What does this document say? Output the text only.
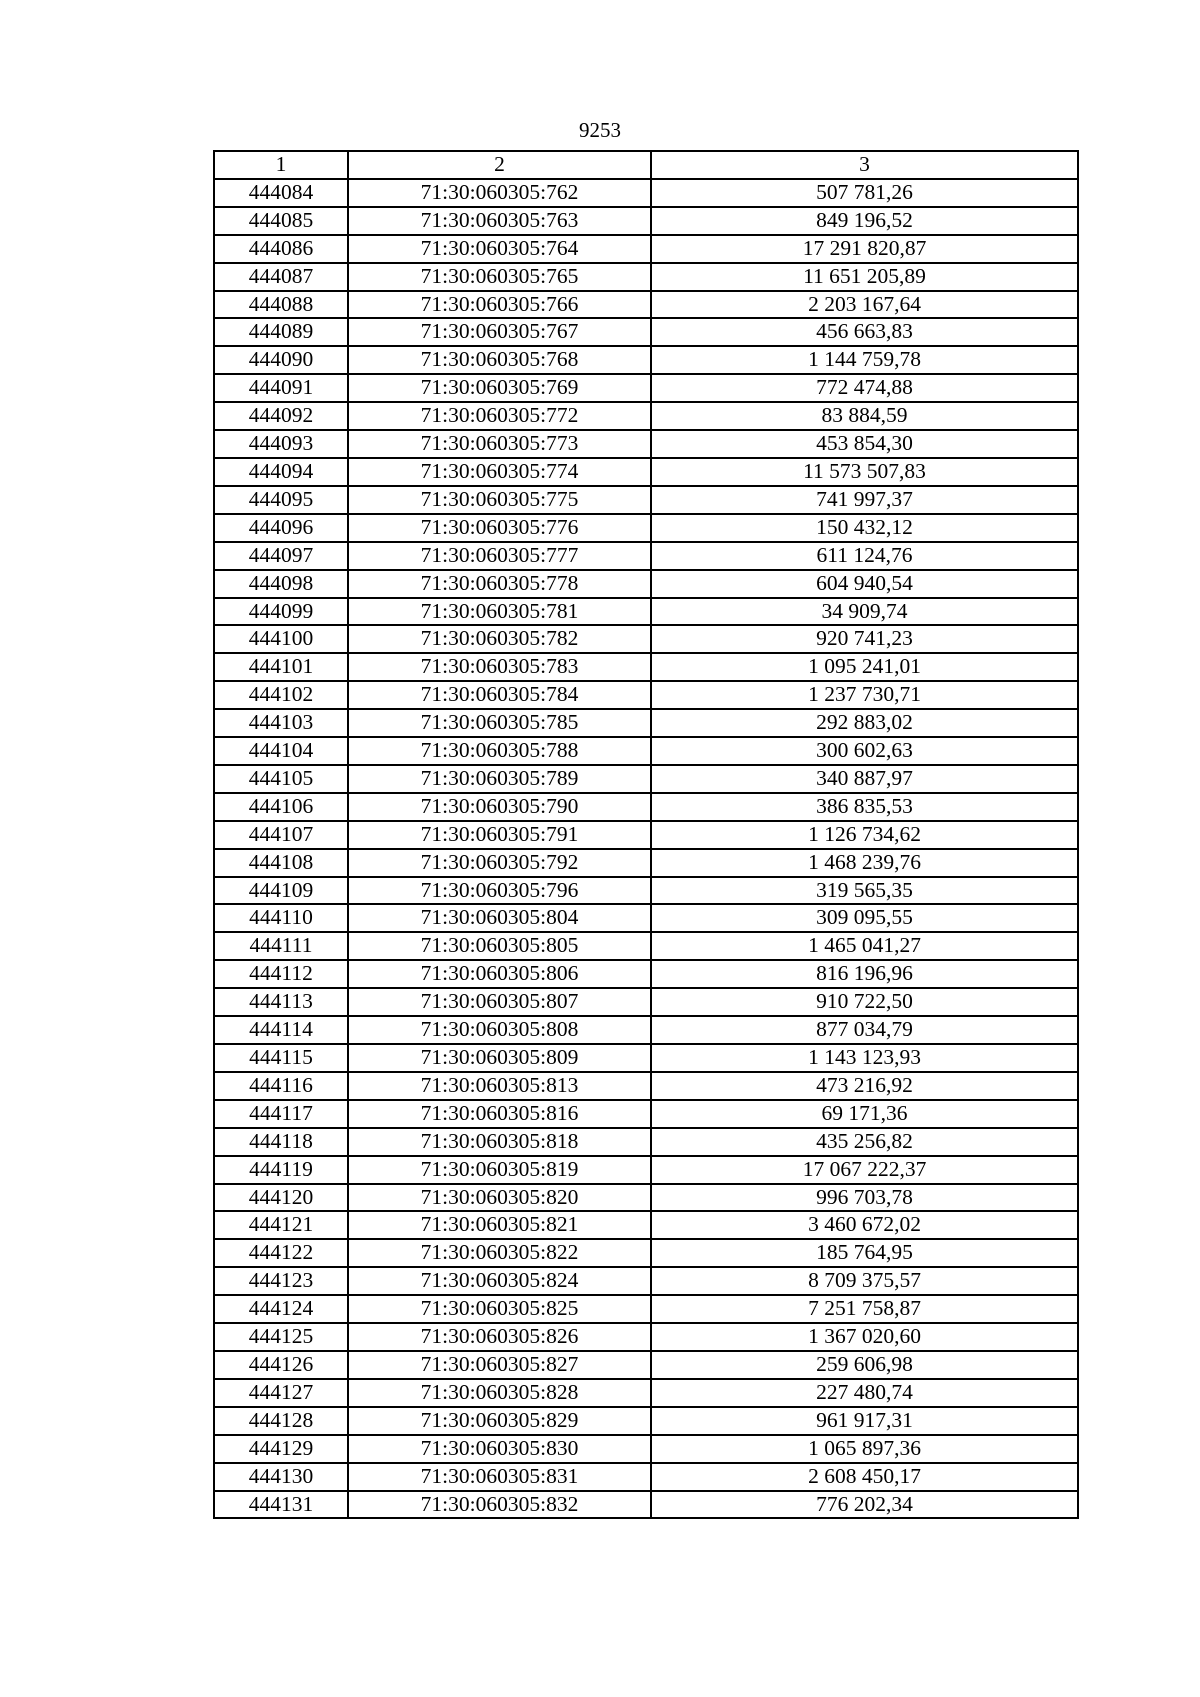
9253
1	2	3
444084	71:30:060305:762	507 781,26
444085	71:30:060305:763	849 196,52
444086	71:30:060305:764	17 291 820,87
444087	71:30:060305:765	11 651 205,89
444088	71:30:060305:766	2 203 167,64
444089	71:30:060305:767	456 663,83
444090	71:30:060305:768	1 144 759,78
444091	71:30:060305:769	772 474,88
444092	71:30:060305:772	83 884,59
444093	71:30:060305:773	453 854,30
444094	71:30:060305:774	11 573 507,83
444095	71:30:060305:775	741 997,37
444096	71:30:060305:776	150 432,12
444097	71:30:060305:777	611 124,76
444098	71:30:060305:778	604 940,54
444099	71:30:060305:781	34 909,74
444100	71:30:060305:782	920 741,23
444101	71:30:060305:783	1 095 241,01
444102	71:30:060305:784	1 237 730,71
444103	71:30:060305:785	292 883,02
444104	71:30:060305:788	300 602,63
444105	71:30:060305:789	340 887,97
444106	71:30:060305:790	386 835,53
444107	71:30:060305:791	1 126 734,62
444108	71:30:060305:792	1 468 239,76
444109	71:30:060305:796	319 565,35
444110	71:30:060305:804	309 095,55
444111	71:30:060305:805	1 465 041,27
444112	71:30:060305:806	816 196,96
444113	71:30:060305:807	910 722,50
444114	71:30:060305:808	877 034,79
444115	71:30:060305:809	1 143 123,93
444116	71:30:060305:813	473 216,92
444117	71:30:060305:816	69 171,36
444118	71:30:060305:818	435 256,82
444119	71:30:060305:819	17 067 222,37
444120	71:30:060305:820	996 703,78
444121	71:30:060305:821	3 460 672,02
444122	71:30:060305:822	185 764,95
444123	71:30:060305:824	8 709 375,57
444124	71:30:060305:825	7 251 758,87
444125	71:30:060305:826	1 367 020,60
444126	71:30:060305:827	259 606,98
444127	71:30:060305:828	227 480,74
444128	71:30:060305:829	961 917,31
444129	71:30:060305:830	1 065 897,36
444130	71:30:060305:831	2 608 450,17
444131	71:30:060305:832	776 202,34
